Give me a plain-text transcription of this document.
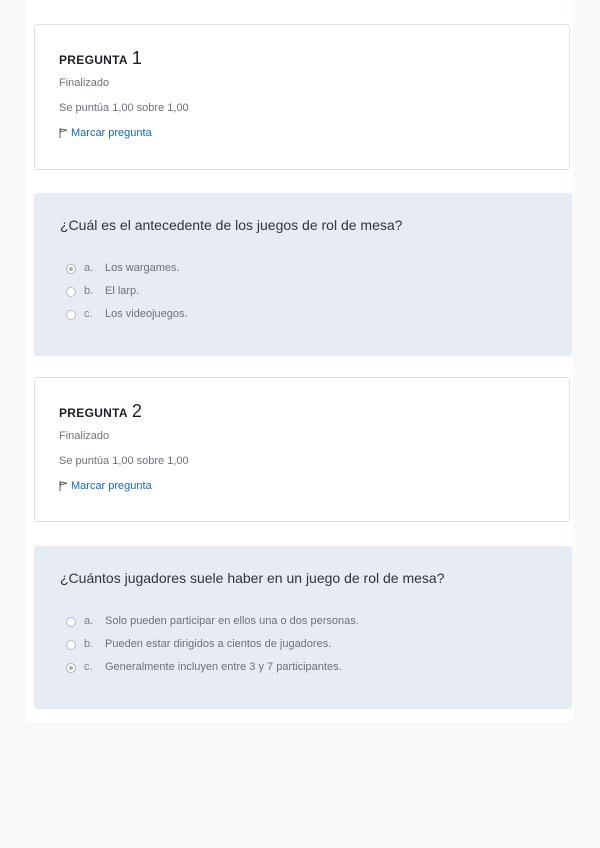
PREGUNTA 1
Finalizado
Se puntúa 1,00 sobre 1,00
Marcar pregunta
¿Cuál es el antecedente de los juegos de rol de mesa?
a. Los wargames.
b. El larp.
c. Los videojuegos.
PREGUNTA 2
Finalizado
Se puntúa 1,00 sobre 1,00
Marcar pregunta
¿Cuántos jugadores suele haber en un juego de rol de mesa?
a. Solo pueden participar en ellos una o dos personas.
b. Pueden estar dirigidos a cientos de jugadores.
c. Generalmente incluyen entre 3 y 7 participantes.
